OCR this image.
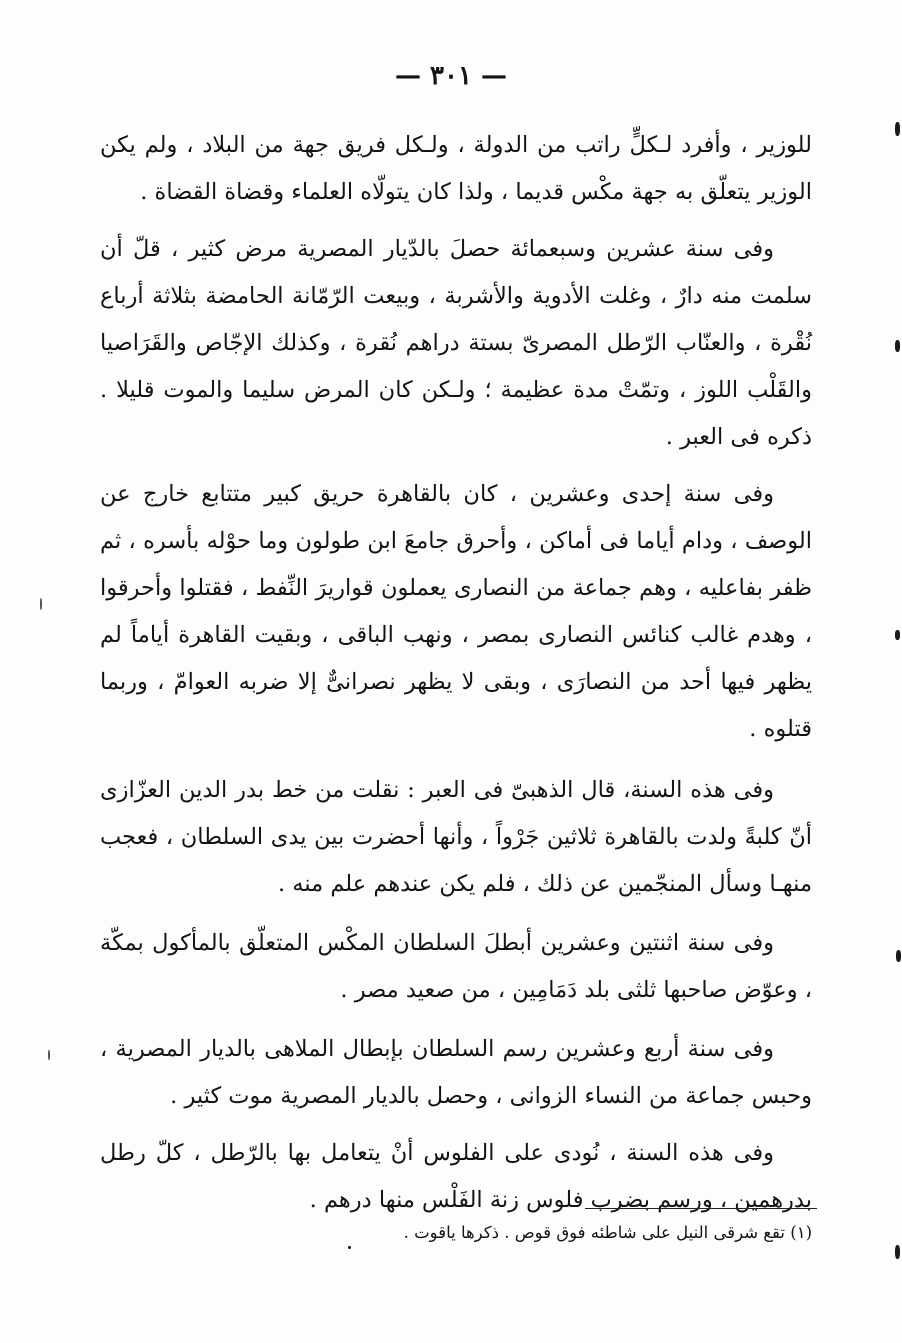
— ٣٠١ —

للوزير ، وأفرد لـكلٍّ راتب من الدولة ، ولـكل فريق جهة من البلاد ، ولم يكن الوزير يتعلّق به جهة مكْس قديما ، ولذا كان يتولّاه العلماء وقضاة القضاة .

وفى سنة عشرين وسبعمائة حصلَ بالدّيار المصرية مرض كثير ، قلّ أن سلمت منه دارٌ ، وغلت الأدوية والأشربة ، وبيعت الرّمّانة الحامضة بثلاثة أرباع نُقْرة ، والعنّاب الرّطل المصرىّ بستة دراهم نُقرة ، وكذلك الإجّاص والقَرَاصيا والقَلْب اللوز ، وتمّتْ مدة عظيمة ؛ ولـكن كان المرض سليما والموت قليلا . ذكره فى العبر .

وفى سنة إحدى وعشرين ، كان بالقاهرة حريق كبير متتابع خارج عن الوصف ، ودام أياما فى أماكن ، وأحرق جامعَ ابن طولون وما حوْله بأسره ، ثم ظفر بفاعليه ، وهم جماعة من النصارى يعملون قواريرَ النِّفط ، فقتلوا وأحرقوا ، وهدم غالب كنائس النصارى بمصر ، ونهب الباقى ، وبقيت القاهرة أياماً لم يظهر فيها أحد من النصارَى ، وبقى لا يظهر نصرانىٌّ إلا ضربه العوامّ ، وربما قتلوه .

وفى هذه السنة، قال الذهبىّ فى العبر : نقلت من خط بدر الدين العزّازى أنّ كلبةً ولدت بالقاهرة ثلاثين جَرْواً ، وأنها أحضرت بين يدى السلطان ، فعجب منهـا وسأل المنجّمين عن ذلك ، فلم يكن عندهم علم منه .

وفى سنة اثنتين وعشرين أبطلَ السلطان المكْس المتعلّق بالمأكول بمكّة ، وعوّض صاحبها ثلثى بلد دَمَامِين ، من صعيد مصر .

وفى سنة أربع وعشرين رسم السلطان بإبطال الملاهى بالديار المصرية ، وحبس جماعة من النساء الزوانى ، وحصل بالديار المصرية موت كثير .

وفى هذه السنة ، نُودى على الفلوس أنْ يتعامل بها بالرّطل ، كلّ رطل بدرهمين ، ورسم بضرب فلوس زنة الفَلْس منها درهم .

(١) تقع شرقى النيل على شاطئه فوق قوص . ذكرها ياقوت .
